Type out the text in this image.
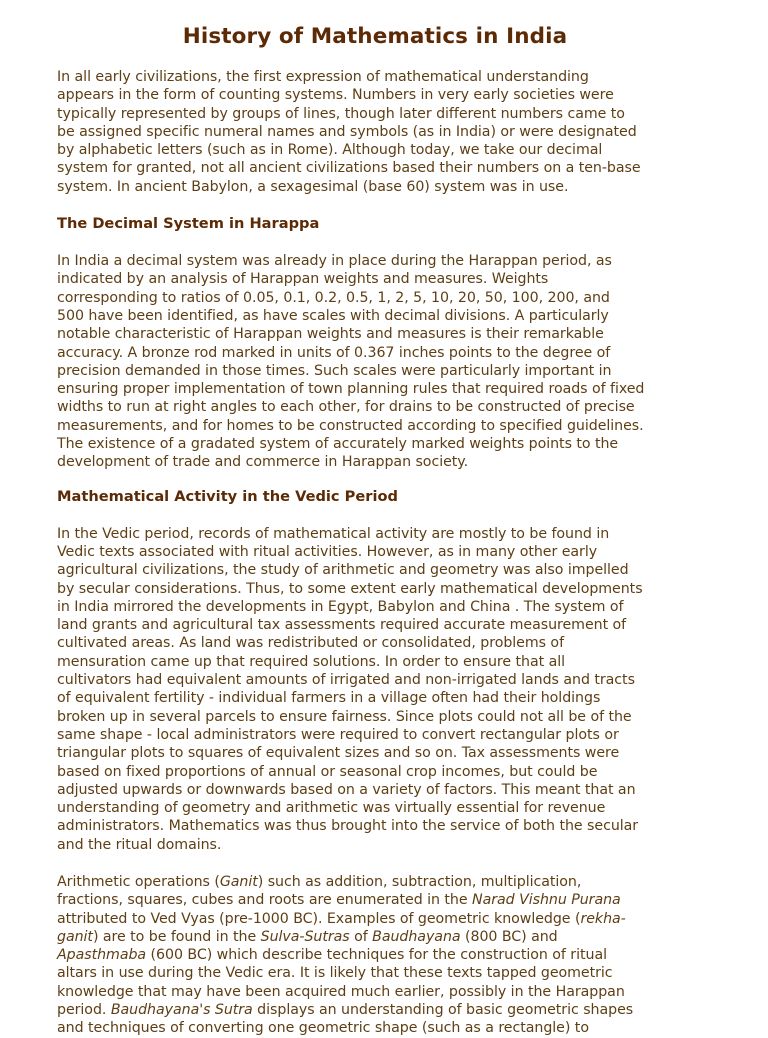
History of Mathematics in India

In all early civilizations, the first expression of mathematical understanding
appears in the form of counting systems. Numbers in very early societies were
typically represented by groups of lines, though later different numbers came to
be assigned specific numeral names and symbols (as in India) or were designated
by alphabetic letters (such as in Rome). Although today, we take our decimal
system for granted, not all ancient civilizations based their numbers on a ten-base
system. In ancient Babylon, a sexagesimal (base 60) system was in use.

The Decimal System in Harappa

In India a decimal system was already in place during the Harappan period, as
indicated by an analysis of Harappan weights and measures. Weights
corresponding to ratios of 0.05, 0.1, 0.2, 0.5, 1, 2, 5, 10, 20, 50, 100, 200, and
500 have been identified, as have scales with decimal divisions. A particularly
notable characteristic of Harappan weights and measures is their remarkable
accuracy. A bronze rod marked in units of 0.367 inches points to the degree of
precision demanded in those times. Such scales were particularly important in
ensuring proper implementation of town planning rules that required roads of fixed
widths to run at right angles to each other, for drains to be constructed of precise
measurements, and for homes to be constructed according to specified guidelines.
The existence of a gradated system of accurately marked weights points to the
development of trade and commerce in Harappan society.

Mathematical Activity in the Vedic Period

In the Vedic period, records of mathematical activity are mostly to be found in
Vedic texts associated with ritual activities. However, as in many other early
agricultural civilizations, the study of arithmetic and geometry was also impelled
by secular considerations. Thus, to some extent early mathematical developments
in India mirrored the developments in Egypt, Babylon and China . The system of
land grants and agricultural tax assessments required accurate measurement of
cultivated areas. As land was redistributed or consolidated, problems of
mensuration came up that required solutions. In order to ensure that all
cultivators had equivalent amounts of irrigated and non-irrigated lands and tracts
of equivalent fertility - individual farmers in a village often had their holdings
broken up in several parcels to ensure fairness. Since plots could not all be of the
same shape - local administrators were required to convert rectangular plots or
triangular plots to squares of equivalent sizes and so on. Tax assessments were
based on fixed proportions of annual or seasonal crop incomes, but could be
adjusted upwards or downwards based on a variety of factors. This meant that an
understanding of geometry and arithmetic was virtually essential for revenue
administrators. Mathematics was thus brought into the service of both the secular
and the ritual domains.

Arithmetic operations (Ganit) such as addition, subtraction, multiplication,
fractions, squares, cubes and roots are enumerated in the Narad Vishnu Purana
attributed to Ved Vyas (pre-1000 BC). Examples of geometric knowledge (rekha-
ganit) are to be found in the Sulva-Sutras of Baudhayana (800 BC) and
Apasthmaba (600 BC) which describe techniques for the construction of ritual
altars in use during the Vedic era. It is likely that these texts tapped geometric
knowledge that may have been acquired much earlier, possibly in the Harappan
period. Baudhayana's Sutra displays an understanding of basic geometric shapes
and techniques of converting one geometric shape (such as a rectangle) to
